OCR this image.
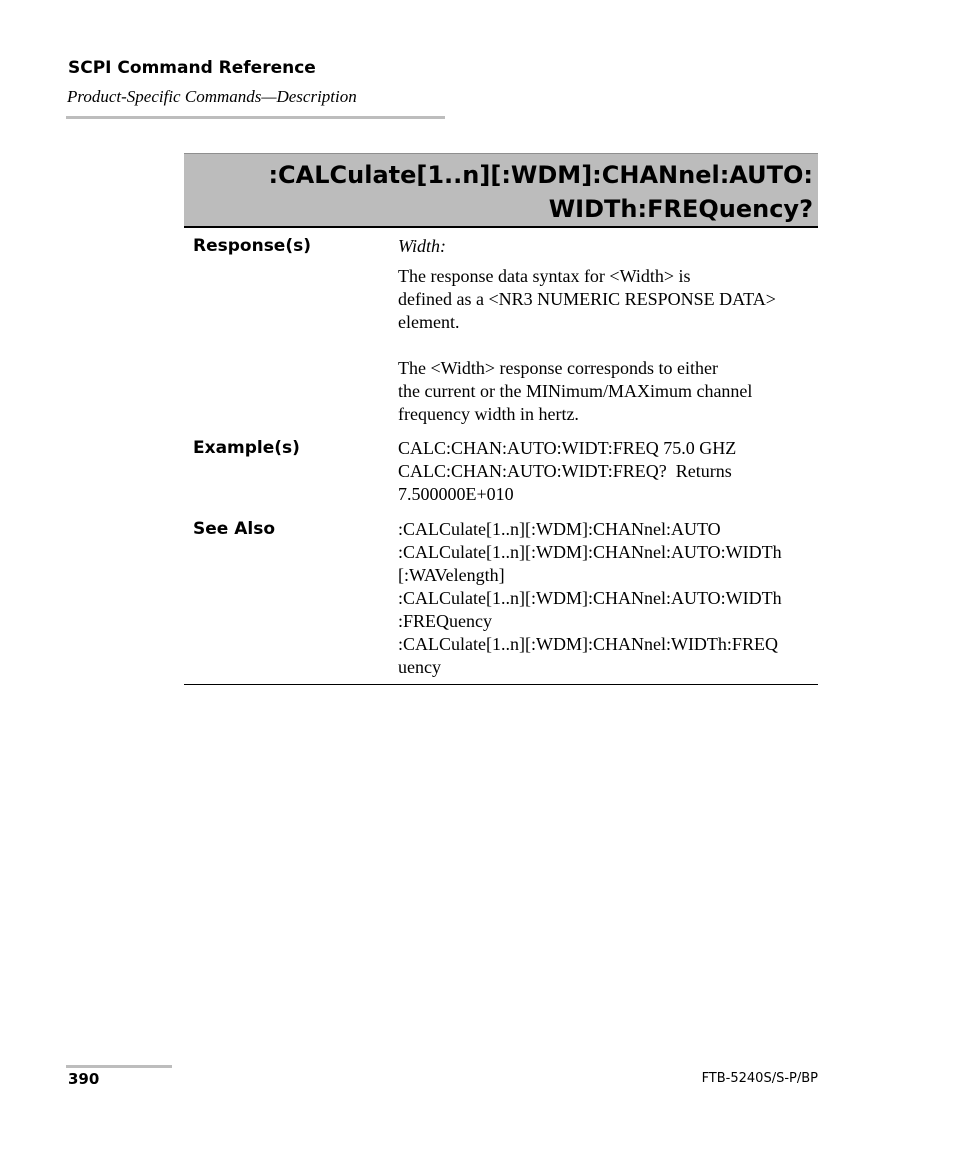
SCPI Command Reference

Product-Specific Commands—Description

:CALCulate[1..n][:WDM]:CHANnel:AUTO:
WIDTh:FREQuency?
Response(s)	Width:

The response data syntax for <Width> is
defined as a <NR3 NUMERIC RESPONSE DATA>
element.

The <Width> response corresponds to either
the current or the MINimum/MAXimum channel
frequency width in hertz.

Example(s)	CALC:CHAN:AUTO:WIDT:FREQ 75.0 GHZ
CALC:CHAN:AUTO:WIDT:FREQ?  Returns
7.500000E+010

See Also	:CALCulate[1..n][:WDM]:CHANnel:AUTO
:CALCulate[1..n][:WDM]:CHANnel:AUTO:WIDTh
[:WAVelength]
:CALCulate[1..n][:WDM]:CHANnel:AUTO:WIDTh
:FREQuency
:CALCulate[1..n][:WDM]:CHANnel:WIDTh:FREQ
uency

390	FTB-5240S/S-P/BP
